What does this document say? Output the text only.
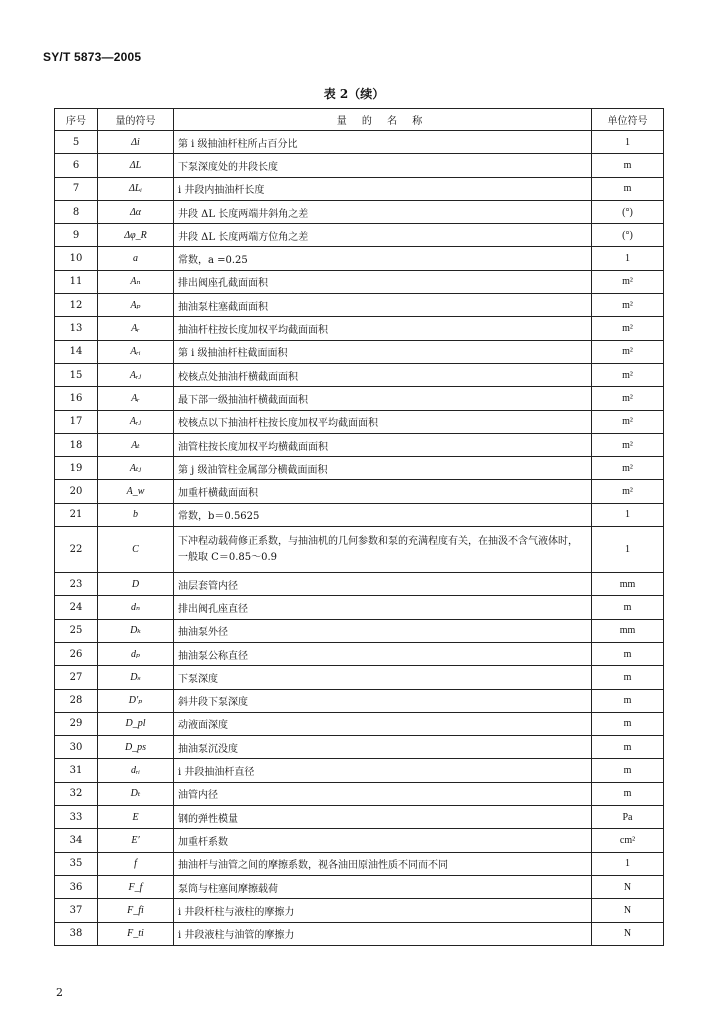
SY/T 5873—2005
表 2（续）
序号	量的符号	量 的 名 称	单位符号
5	Δi	第 i 级抽油杆柱所占百分比	1
6	ΔL	下泵深度处的井段长度	m
7	ΔLᵢ	i 井段内抽油杆长度	m
8	Δα	井段 ΔL 长度两端井斜角之差	(°)
9	Δφ_R	井段 ΔL 长度两端方位角之差	(°)
10	a	常数，a =0.25	1
11	Aₙ	排出阀座孔截面面积	m²
12	Aₚ	抽油泵柱塞截面面积	m²
13	Aᵣ	抽油杆柱按长度加权平均截面面积	m²
14	Aᵣᵢ	第 i 级抽油杆柱截面面积	m²
15	Aᵣⱼ	校核点处抽油杆横截面面积	m²
16	Aᵣ	最下部一级抽油杆横截面面积	m²
17	Aᵣⱼ	校核点以下抽油杆柱按长度加权平均截面面积	m²
18	Aₜ	油管柱按长度加权平均横截面面积	m²
19	Aₜⱼ	第 j 级油管柱金属部分横截面面积	m²
20	A_w	加重杆横截面面积	m²
21	b	常数，b＝0.5625	1
22	C	下冲程动载荷修正系数，与抽油机的几何参数和泵的充满程度有关，在抽汲不含气液体时，一般取 C＝0.85～0.9	1
23	D	油层套管内径	mm
24	dₙ	排出阀孔座直径	m
25	Dₖ	抽油泵外径	mm
26	dₚ	抽油泵公称直径	m
27	Dₛ	下泵深度	m
28	D′ₚ	斜井段下泵深度	m
29	D_pl	动液面深度	m
30	D_ps	抽油泵沉没度	m
31	dᵣᵢ	i 井段抽油杆直径	m
32	Dₜ	油管内径	m
33	E	钢的弹性模量	Pa
34	E′	加重杆系数	cm²
35	f	抽油杆与油管之间的摩擦系数，视各油田原油性质不同而不同	1
36	F_f	泵筒与柱塞间摩擦载荷	N
37	F_fi	i 井段杆柱与液柱的摩擦力	N
38	F_ti	i 井段液柱与油管的摩擦力	N
2
